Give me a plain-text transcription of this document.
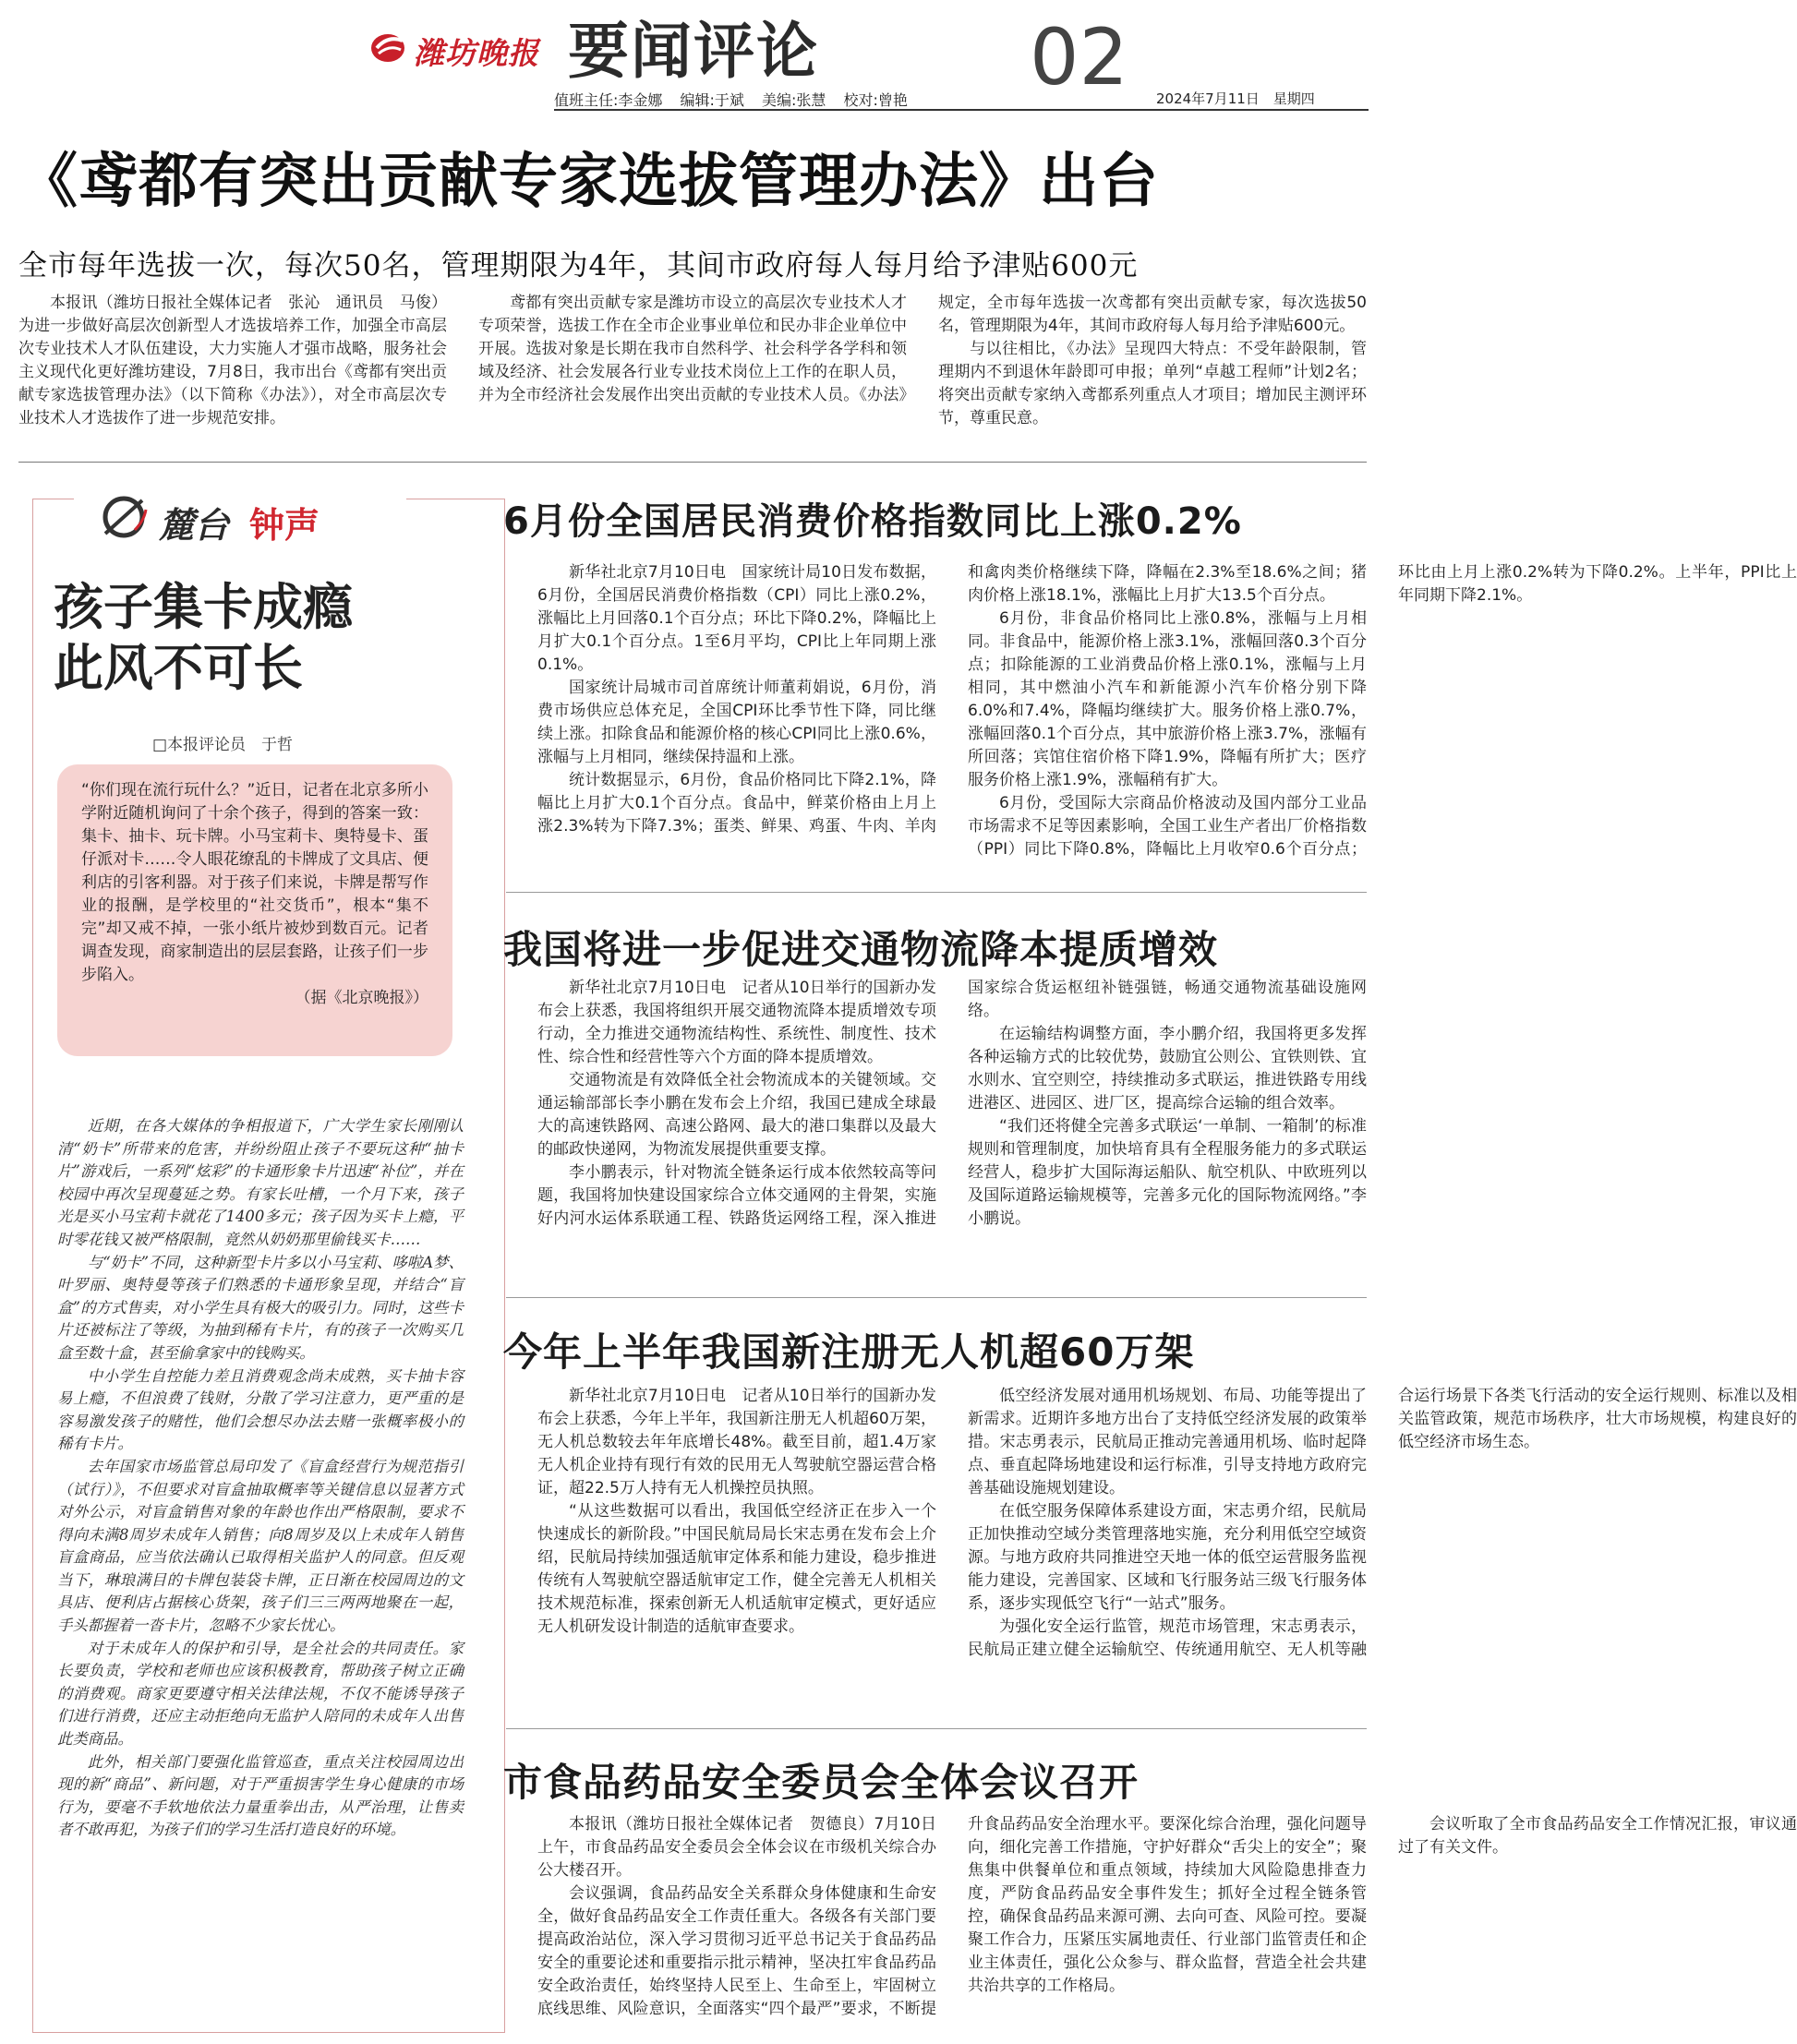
潍坊晚报 要闻评论	02
值班主任:李金娜 编辑:于斌 美编:张慧 校对:曾艳	2024年7月11日　星期四
《鸢都有突出贡献专家选拔管理办法》出台
全市每年选拔一次，每次50名，管理期限为4年，其间市政府每人每月给予津贴600元

本报讯（潍坊日报社全媒体记者　张沁　通讯员　马俊）为进一步做好高层次创新型人才选拔培养工作，加强全市高层次专业技术人才队伍建设，大力实施人才强市战略，服务社会主义现代化更好潍坊建设，7月8日，我市出台《鸢都有突出贡献专家选拔管理办法》（以下简称《办法》），对全市高层次专业技术人才选拔作了进一步规范安排。

鸢都有突出贡献专家是潍坊市设立的高层次专业技术人才专项荣誉，选拔工作在全市企业事业单位和民办非企业单位中开展。选拔对象是长期在我市自然科学、社会科学各学科和领域及经济、社会发展各行业专业技术岗位上工作的在职人员，并为全市经济社会发展作出突出贡献的专业技术人员。《办法》规定，全市每年选拔一次鸢都有突出贡献专家，每次选拔50名，管理期限为4年，其间市政府每人每月给予津贴600元。

与以往相比，《办法》呈现四大特点：不受年龄限制，管理期内不到退休年龄即可申报；单列“卓越工程师”计划2名；将突出贡献专家纳入鸢都系列重点人才项目；增加民主测评环节，尊重民意。

麓台 钟声
孩子集卡成瘾
此风不可长
□本报评论员　于哲
“你们现在流行玩什么？”近日，记者在北京多所小学附近随机询问了十余个孩子，得到的答案一致：集卡、抽卡、玩卡牌。小马宝莉卡、奥特曼卡、蛋仔派对卡……令人眼花缭乱的卡牌成了文具店、便利店的引客利器。对于孩子们来说，卡牌是帮写作业的报酬，是学校里的“社交货币”，根本“集不完”却又戒不掉，一张小纸片被炒到数百元。记者调查发现，商家制造出的层层套路，让孩子们一步步陷入。
（据《北京晚报》）

近期，在各大媒体的争相报道下，广大学生家长刚刚认清“奶卡”所带来的危害，并纷纷阻止孩子不要玩这种“抽卡片”游戏后，一系列“炫彩”的卡通形象卡片迅速“补位”，并在校园中再次呈现蔓延之势。有家长吐槽，一个月下来，孩子光是买小马宝莉卡就花了1400多元；孩子因为买卡上瘾，平时零花钱又被严格限制，竟然从奶奶那里偷钱买卡……

与“奶卡”不同，这种新型卡片多以小马宝莉、哆啦A梦、叶罗丽、奥特曼等孩子们熟悉的卡通形象呈现，并结合“盲盒”的方式售卖，对小学生具有极大的吸引力。同时，这些卡片还被标注了等级，为抽到稀有卡片，有的孩子一次购买几盒至数十盒，甚至偷拿家中的钱购买。

中小学生自控能力差且消费观念尚未成熟，买卡抽卡容易上瘾，不但浪费了钱财，分散了学习注意力，更严重的是容易激发孩子的赌性，他们会想尽办法去赌一张概率极小的稀有卡片。

去年国家市场监管总局印发了《盲盒经营行为规范指引（试行）》，不但要求对盲盒抽取概率等关键信息以显著方式对外公示，对盲盒销售对象的年龄也作出严格限制，要求不得向未满8周岁未成年人销售；向8周岁及以上未成年人销售盲盒商品，应当依法确认已取得相关监护人的同意。但反观当下，琳琅满目的卡牌包装袋卡牌，正日渐在校园周边的文具店、便利店占据核心货架，孩子们三三两两地聚在一起，手头都握着一沓卡片，忽略不少家长忧心。

对于未成年人的保护和引导，是全社会的共同责任。家长要负责，学校和老师也应该积极教育，帮助孩子树立正确的消费观。商家更要遵守相关法律法规，不仅不能诱导孩子们进行消费，还应主动拒绝向无监护人陪同的未成年人出售此类商品。

此外，相关部门要强化监管巡查，重点关注校园周边出现的新“商品”、新问题，对于严重损害学生身心健康的市场行为，要毫不手软地依法力量重拳出击，从严治理，让售卖者不敢再犯，为孩子们的学习生活打造良好的环境。

6月份全国居民消费价格指数同比上涨0.2%

新华社北京7月10日电　国家统计局10日发布数据，6月份，全国居民消费价格指数（CPI）同比上涨0.2%，涨幅比上月回落0.1个百分点；环比下降0.2%，降幅比上月扩大0.1个百分点。1至6月平均，CPI比上年同期上涨0.1%。

国家统计局城市司首席统计师董莉娟说，6月份，消费市场供应总体充足，全国CPI环比季节性下降，同比继续上涨。扣除食品和能源价格的核心CPI同比上涨0.6%，涨幅与上月相同，继续保持温和上涨。

统计数据显示，6月份，食品价格同比下降2.1%，降幅比上月扩大0.1个百分点。食品中，鲜菜价格由上月上涨2.3%转为下降7.3%；蛋类、鲜果、鸡蛋、牛肉、羊肉和禽肉类价格继续下降，降幅在2.3%至18.6%之间；猪肉价格上涨18.1%，涨幅比上月扩大13.5个百分点。

6月份，非食品价格同比上涨0.8%，涨幅与上月相同。非食品中，能源价格上涨3.1%，涨幅回落0.3个百分点；扣除能源的工业消费品价格上涨0.1%，涨幅与上月相同，其中燃油小汽车和新能源小汽车价格分别下降6.0%和7.4%，降幅均继续扩大。服务价格上涨0.7%，涨幅回落0.1个百分点，其中旅游价格上涨3.7%，涨幅有所回落；宾馆住宿价格下降1.9%，降幅有所扩大；医疗服务价格上涨1.9%，涨幅稍有扩大。

6月份，受国际大宗商品价格波动及国内部分工业品市场需求不足等因素影响，全国工业生产者出厂价格指数（PPI）同比下降0.8%，降幅比上月收窄0.6个百分点；环比由上月上涨0.2%转为下降0.2%。上半年，PPI比上年同期下降2.1%。

我国将进一步促进交通物流降本提质增效

新华社北京7月10日电　记者从10日举行的国新办发布会上获悉，我国将组织开展交通物流降本提质增效专项行动，全力推进交通物流结构性、系统性、制度性、技术性、综合性和经营性等六个方面的降本提质增效。

交通物流是有效降低全社会物流成本的关键领域。交通运输部部长李小鹏在发布会上介绍，我国已建成全球最大的高速铁路网、高速公路网、最大的港口集群以及最大的邮政快递网，为物流发展提供重要支撑。

李小鹏表示，针对物流全链条运行成本依然较高等问题，我国将加快建设国家综合立体交通网的主骨架，实施好内河水运体系联通工程、铁路货运网络工程，深入推进国家综合货运枢纽补链强链，畅通交通物流基础设施网络。

在运输结构调整方面，李小鹏介绍，我国将更多发挥各种运输方式的比较优势，鼓励宜公则公、宜铁则铁、宜水则水、宜空则空，持续推动多式联运，推进铁路专用线进港区、进园区、进厂区，提高综合运输的组合效率。

“我们还将健全完善多式联运‘一单制、一箱制’的标准规则和管理制度，加快培育具有全程服务能力的多式联运经营人，稳步扩大国际海运船队、航空机队、中欧班列以及国际道路运输规模等，完善多元化的国际物流网络。”李小鹏说。

今年上半年我国新注册无人机超60万架

新华社北京7月10日电　记者从10日举行的国新办发布会上获悉，今年上半年，我国新注册无人机超60万架，无人机总数较去年年底增长48%。截至目前，超1.4万家无人机企业持有现行有效的民用无人驾驶航空器运营合格证，超22.5万人持有无人机操控员执照。

“从这些数据可以看出，我国低空经济正在步入一个快速成长的新阶段。”中国民航局局长宋志勇在发布会上介绍，民航局持续加强适航审定体系和能力建设，稳步推进传统有人驾驶航空器适航审定工作，健全完善无人机相关技术规范标准，探索创新无人机适航审定模式，更好适应无人机研发设计制造的适航审查要求。

低空经济发展对通用机场规划、布局、功能等提出了新需求。近期许多地方出台了支持低空经济发展的政策举措。宋志勇表示，民航局正推动完善通用机场、临时起降点、垂直起降场地建设和运行标准，引导支持地方政府完善基础设施规划建设。

在低空服务保障体系建设方面，宋志勇介绍，民航局正加快推动空域分类管理落地实施，充分利用低空空域资源。与地方政府共同推进空天地一体的低空运营服务监视能力建设，完善国家、区域和飞行服务站三级飞行服务体系，逐步实现低空飞行“一站式”服务。

为强化安全运行监管，规范市场管理，宋志勇表示，民航局正建立健全运输航空、传统通用航空、无人机等融合运行场景下各类飞行活动的安全运行规则、标准以及相关监管政策，规范市场秩序，壮大市场规模，构建良好的低空经济市场生态。

市食品药品安全委员会全体会议召开

本报讯（潍坊日报社全媒体记者　贺德良）7月10日上午，市食品药品安全委员会全体会议在市级机关综合办公大楼召开。

会议强调，食品药品安全关系群众身体健康和生命安全，做好食品药品安全工作责任重大。各级各有关部门要提高政治站位，深入学习贯彻习近平总书记关于食品药品安全的重要论述和重要指示批示精神，坚决扛牢食品药品安全政治责任，始终坚持人民至上、生命至上，牢固树立底线思维、风险意识，全面落实“四个最严”要求，不断提升食品药品安全治理水平。要深化综合治理，强化问题导向，细化完善工作措施，守护好群众“舌尖上的安全”；聚焦集中供餐单位和重点领域，持续加大风险隐患排查力度，严防食品药品安全事件发生；抓好全过程全链条管控，确保食品药品来源可溯、去向可查、风险可控。要凝聚工作合力，压紧压实属地责任、行业部门监管责任和企业主体责任，强化公众参与、群众监督，营造全社会共建共治共享的工作格局。

会议听取了全市食品药品安全工作情况汇报，审议通过了有关文件。
